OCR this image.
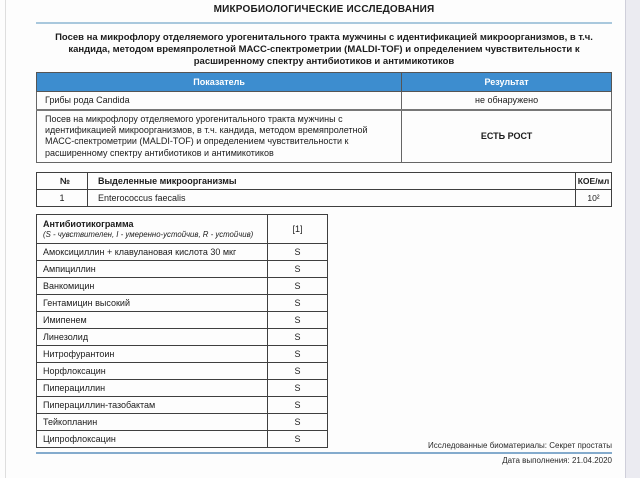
МИКРОБИОЛОГИЧЕСКИЕ ИССЛЕДОВАНИЯ
Посев на микрофлору отделяемого урогенитального тракта мужчины с идентификацией микроорганизмов, в т.ч. кандида, методом времяпролетной МАСС-спектрометрии (MALDI-TOF) и определением чувствительности к расширенному спектру антибиотиков и антимикотиков
Показатель	Результат
Грибы рода Candida	не обнаружено
Посев на микрофлору отделяемого урогенитального тракта мужчины с идентификацией микроорганизмов, в т.ч. кандида, методом времяпролетной МАСС-спектрометрии (MALDI-TOF) и определением чувствительности к расширенному спектру антибиотиков и антимикотиков	ЕСТЬ РОСТ
№	Выделенные микроорганизмы	КОЕ/мл
1	Enterococcus faecalis	10²
Антибиотикограмма
(S - чувствителен, I - умеренно-устойчив, R - устойчив)	[1]
Амоксициллин + клавулановая кислота 30 мкг	S
Ампициллин	S
Ванкомицин	S
Гентамицин высокий	S
Имипенем	S
Линезолид	S
Нитрофурантоин	S
Норфлоксацин	S
Пиперациллин	S
Пиперациллин-тазобактам	S
Тейкопланин	S
Ципрофлоксацин	S
Исследованные биоматериалы: Секрет простаты
Дата выполнения: 21.04.2020
